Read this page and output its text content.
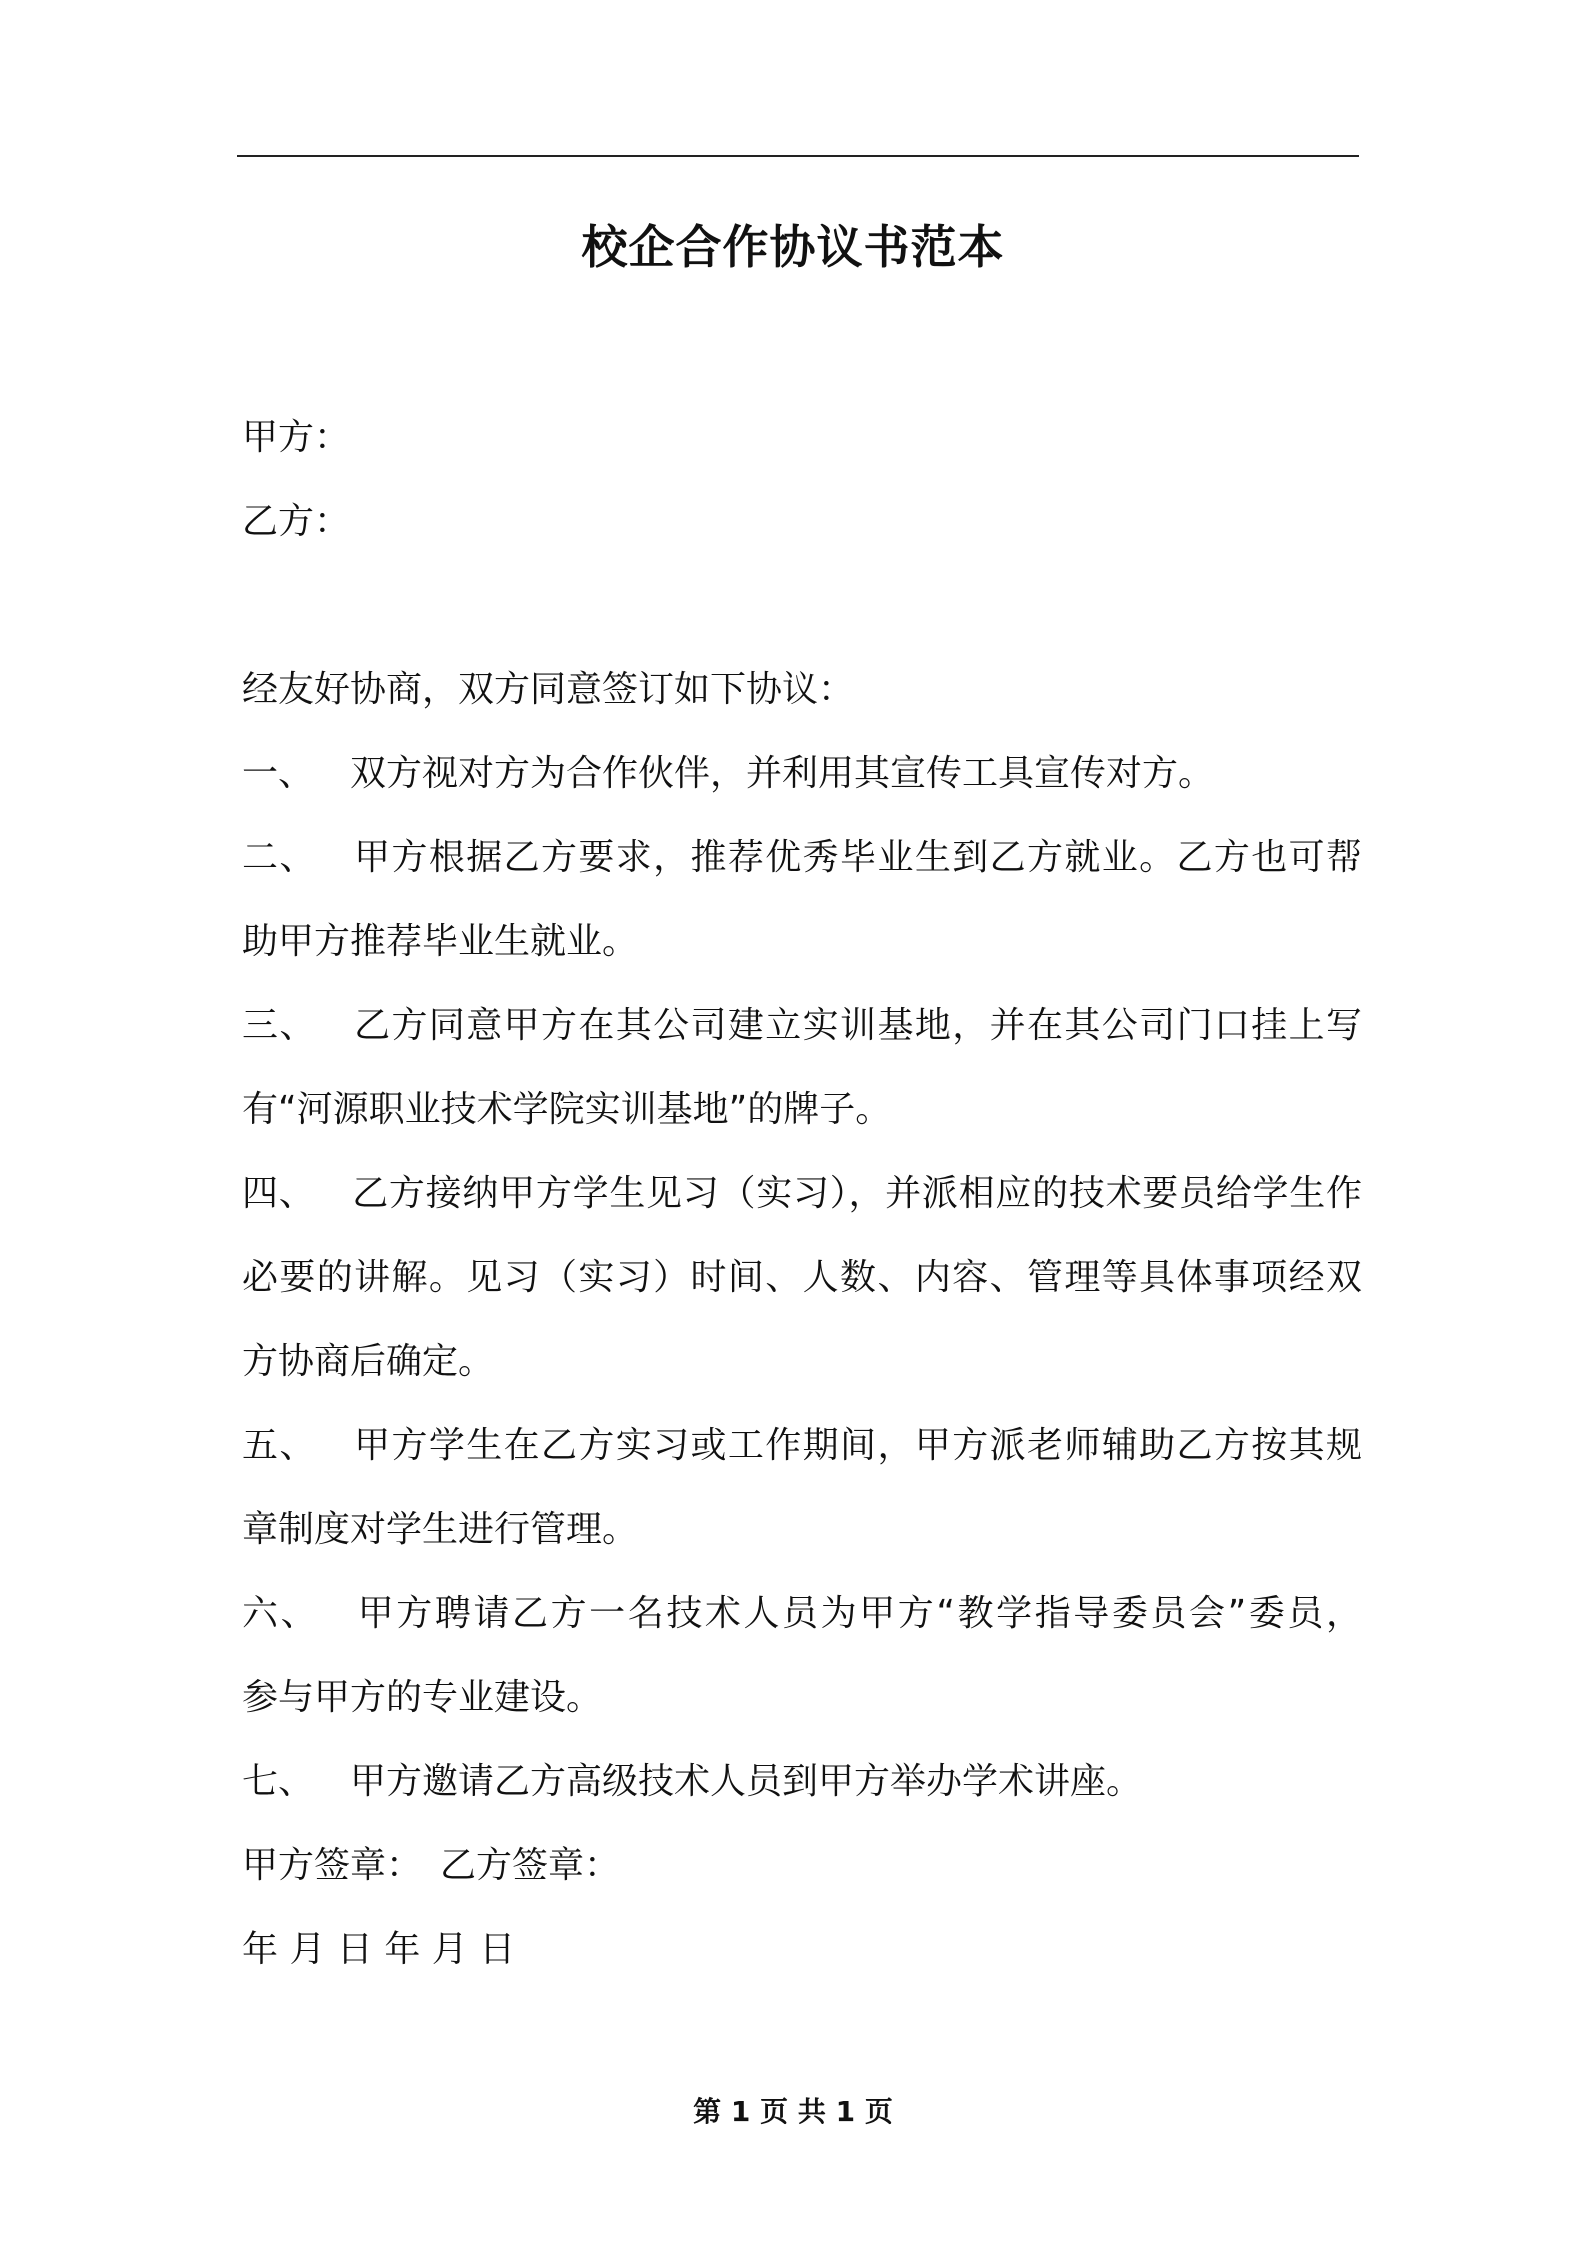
校企合作协议书范本
甲方：
乙方：
经友好协商，双方同意签订如下协议：
一、 双方视对方为合作伙伴，并利用其宣传工具宣传对方。
二、 甲方根据乙方要求，推荐优秀毕业生到乙方就业。乙方也可帮
助甲方推荐毕业生就业。
三、 乙方同意甲方在其公司建立实训基地，并在其公司门口挂上写
有“河源职业技术学院实训基地”的牌子。
四、 乙方接纳甲方学生见习（实习），并派相应的技术要员给学生作
必要的讲解。见习（实习）时间、人数、内容、管理等具体事项经双
方协商后确定。
五、 甲方学生在乙方实习或工作期间，甲方派老师辅助乙方按其规
章制度对学生进行管理。
六、 甲方聘请乙方一名技术人员为甲方“教学指导委员会”委员，
参与甲方的专业建设。
七、 甲方邀请乙方高级技术人员到甲方举办学术讲座。
甲方签章：　乙方签章：
年 月 日 年 月 日
第 1 页 共 1 页
